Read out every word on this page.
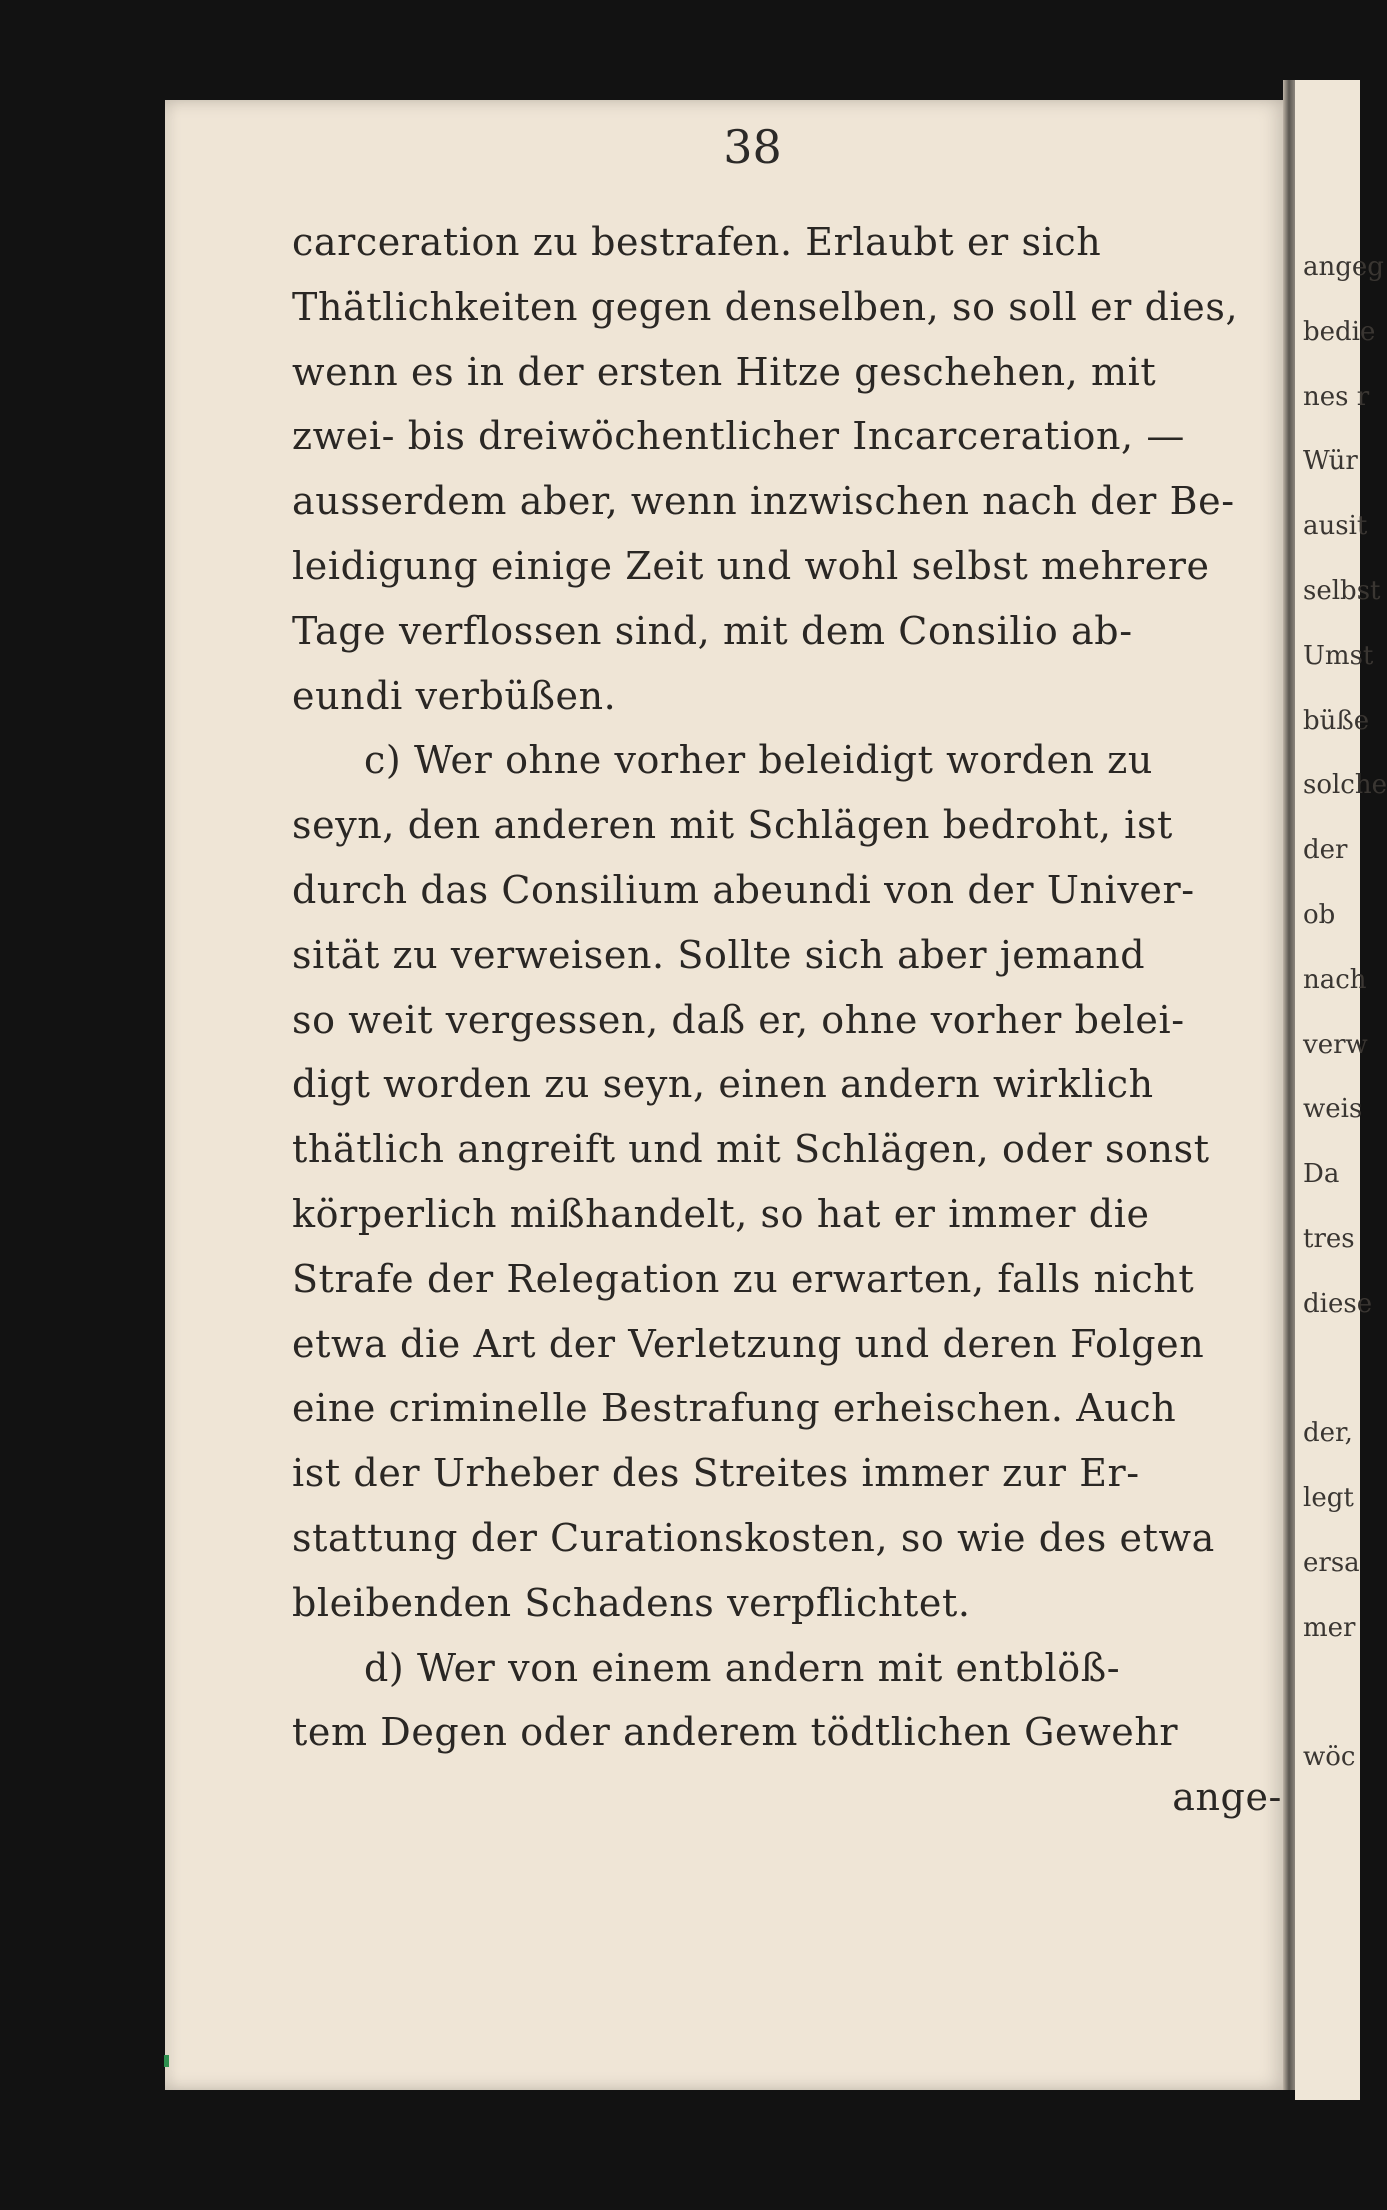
angeg
bedie
nes r
Wür
ausit
selbst
Umst
büße
solche
der
ob
nach
verw
weis
Da
tres
diese
der,
legt
ersa
mer
wöc
38
carceration zu bestrafen. Erlaubt er sich
Thätlichkeiten gegen denselben, so soll er dies,
wenn es in der ersten Hitze geschehen, mit
zwei- bis dreiwöchentlicher Incarceration, —
ausserdem aber, wenn inzwischen nach der Be-
leidigung einige Zeit und wohl selbst mehrere
Tage verflossen sind, mit dem Consilio ab-
eundi verbüßen.
c) Wer ohne vorher beleidigt worden zu
seyn, den anderen mit Schlägen bedroht, ist
durch das Consilium abeundi von der Univer-
sität zu verweisen. Sollte sich aber jemand
so weit vergessen, daß er, ohne vorher belei-
digt worden zu seyn, einen andern wirklich
thätlich angreift und mit Schlägen, oder sonst
körperlich mißhandelt, so hat er immer die
Strafe der Relegation zu erwarten, falls nicht
etwa die Art der Verletzung und deren Folgen
eine criminelle Bestrafung erheischen. Auch
ist der Urheber des Streites immer zur Er-
stattung der Curationskosten, so wie des etwa
bleibenden Schadens verpflichtet.
d) Wer von einem andern mit entblöß-
tem Degen oder anderem tödtlichen Gewehr
ange-
